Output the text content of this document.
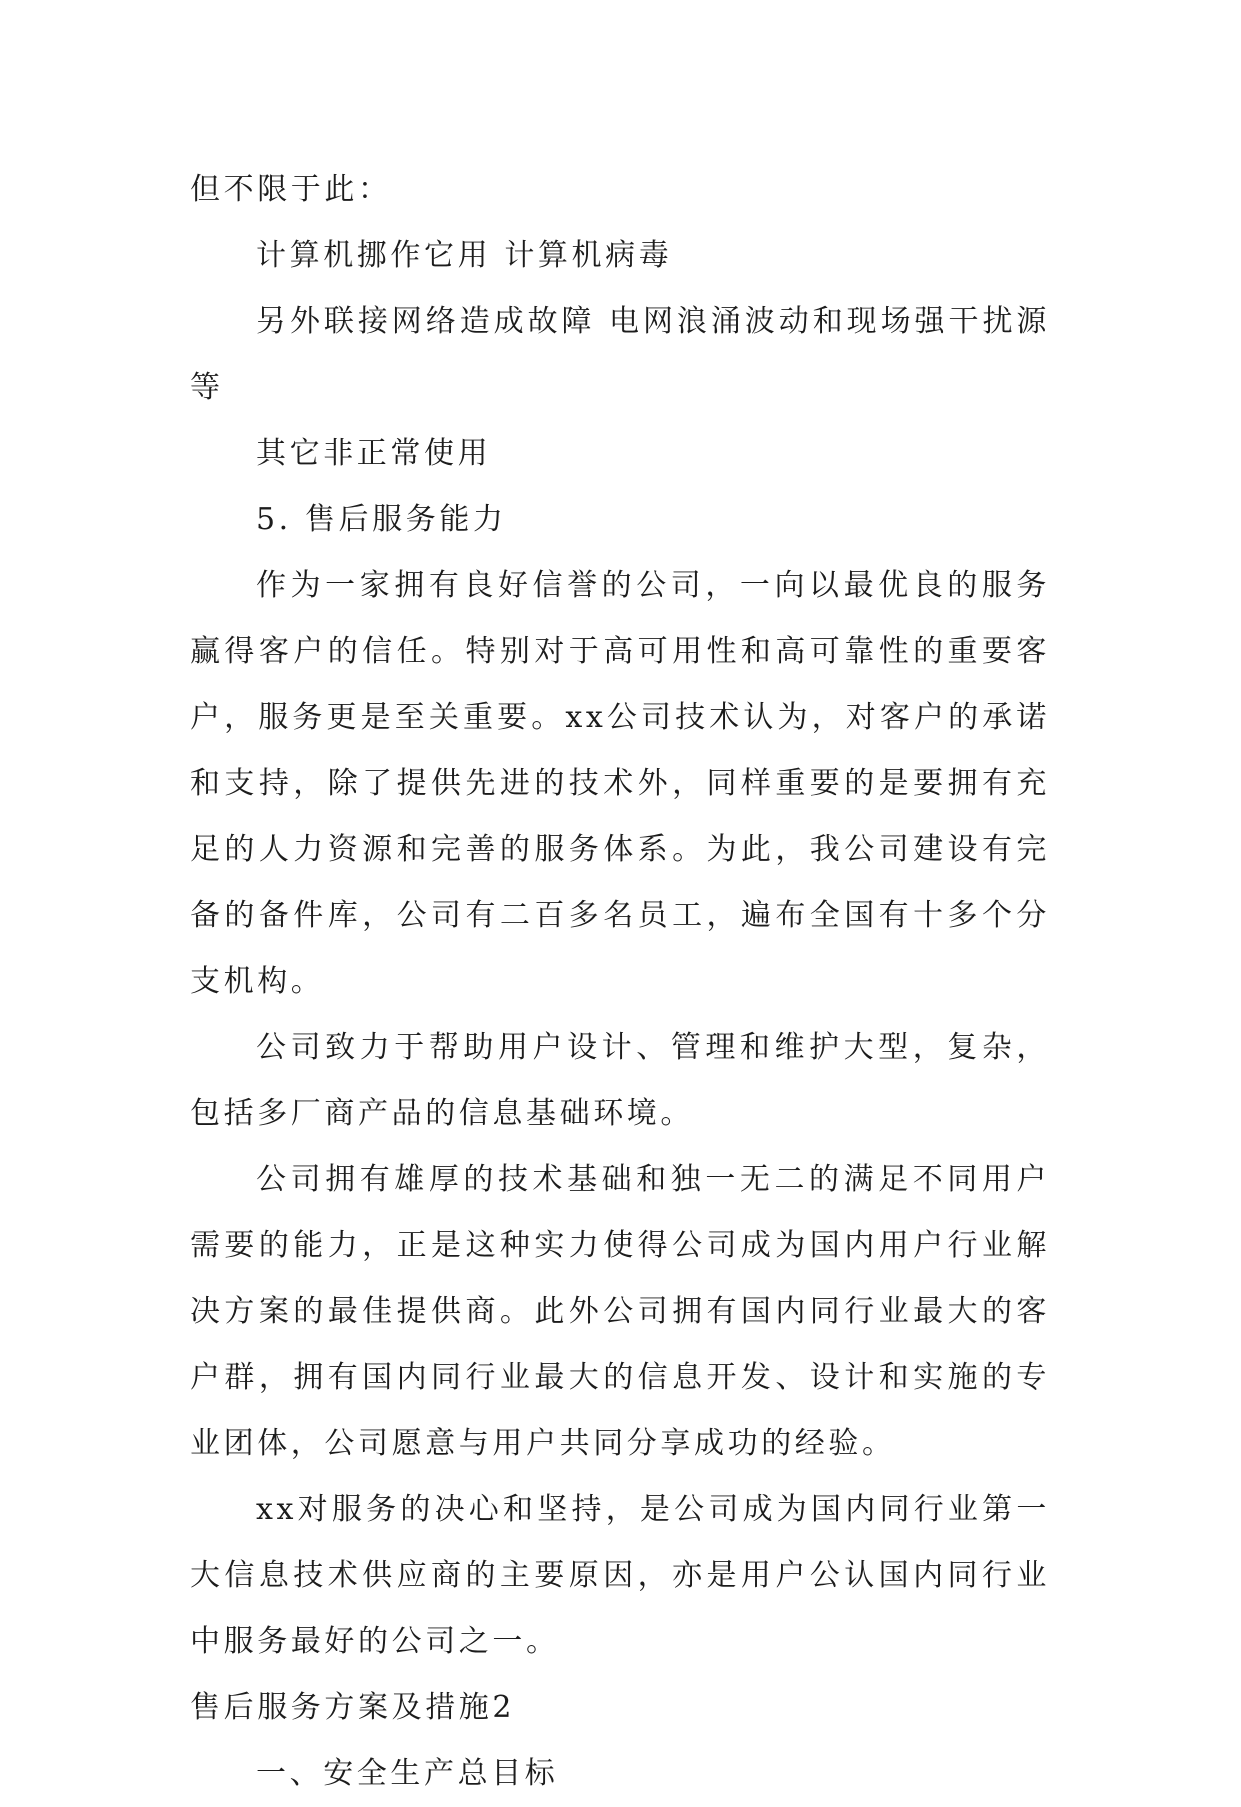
但不限于此：

计算机挪作它用 计算机病毒

另外联接网络造成故障 电网浪涌波动和现场强干扰源等

其它非正常使用

5. 售后服务能力

作为一家拥有良好信誉的公司，一向以最优良的服务赢得客户的信任。特别对于高可用性和高可靠性的重要客户，服务更是至关重要。xx公司技术认为，对客户的承诺和支持，除了提供先进的技术外，同样重要的是要拥有充足的人力资源和完善的服务体系。为此，我公司建设有完备的备件库，公司有二百多名员工，遍布全国有十多个分支机构。

公司致力于帮助用户设计、管理和维护大型，复杂，包括多厂商产品的信息基础环境。

公司拥有雄厚的技术基础和独一无二的满足不同用户需要的能力，正是这种实力使得公司成为国内用户行业解决方案的最佳提供商。此外公司拥有国内同行业最大的客户群，拥有国内同行业最大的信息开发、设计和实施的专业团体，公司愿意与用户共同分享成功的经验。

xx对服务的决心和坚持，是公司成为国内同行业第一大信息技术供应商的主要原因，亦是用户公认国内同行业中服务最好的公司之一。

售后服务方案及措施2

一、安全生产总目标
